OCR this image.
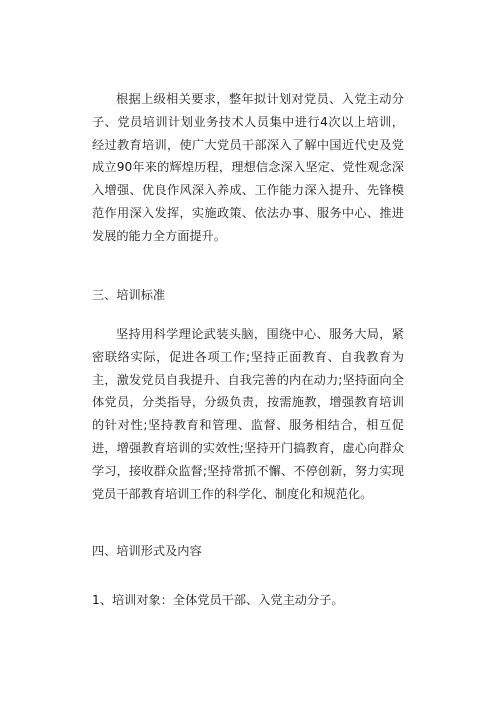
根据上级相关要求，整年拟计划对党员、入党主动分子、党员培训计划业务技术人员集中进行4次以上培训，经过教育培训，使广大党员干部深入了解中国近代史及党成立90年来的辉煌历程，理想信念深入坚定、党性观念深入增强、优良作风深入养成、工作能力深入提升、先锋模范作用深入发挥，实施政策、依法办事、服务中心、推进发展的能力全方面提升。

三、培训标准

坚持用科学理论武装头脑，围绕中心、服务大局，紧密联络实际，促进各项工作;坚持正面教育、自我教育为主，激发党员自我提升、自我完善的内在动力;坚持面向全体党员，分类指导，分级负责，按需施教，增强教育培训的针对性;坚持教育和管理、监督、服务相结合，相互促进，增强教育培训的实效性;坚持开门搞教育，虚心向群众学习，接收群众监督;坚持常抓不懈、不停创新，努力实现党员干部教育培训工作的科学化、制度化和规范化。

四、培训形式及内容

1、培训对象：全体党员干部、入党主动分子。
